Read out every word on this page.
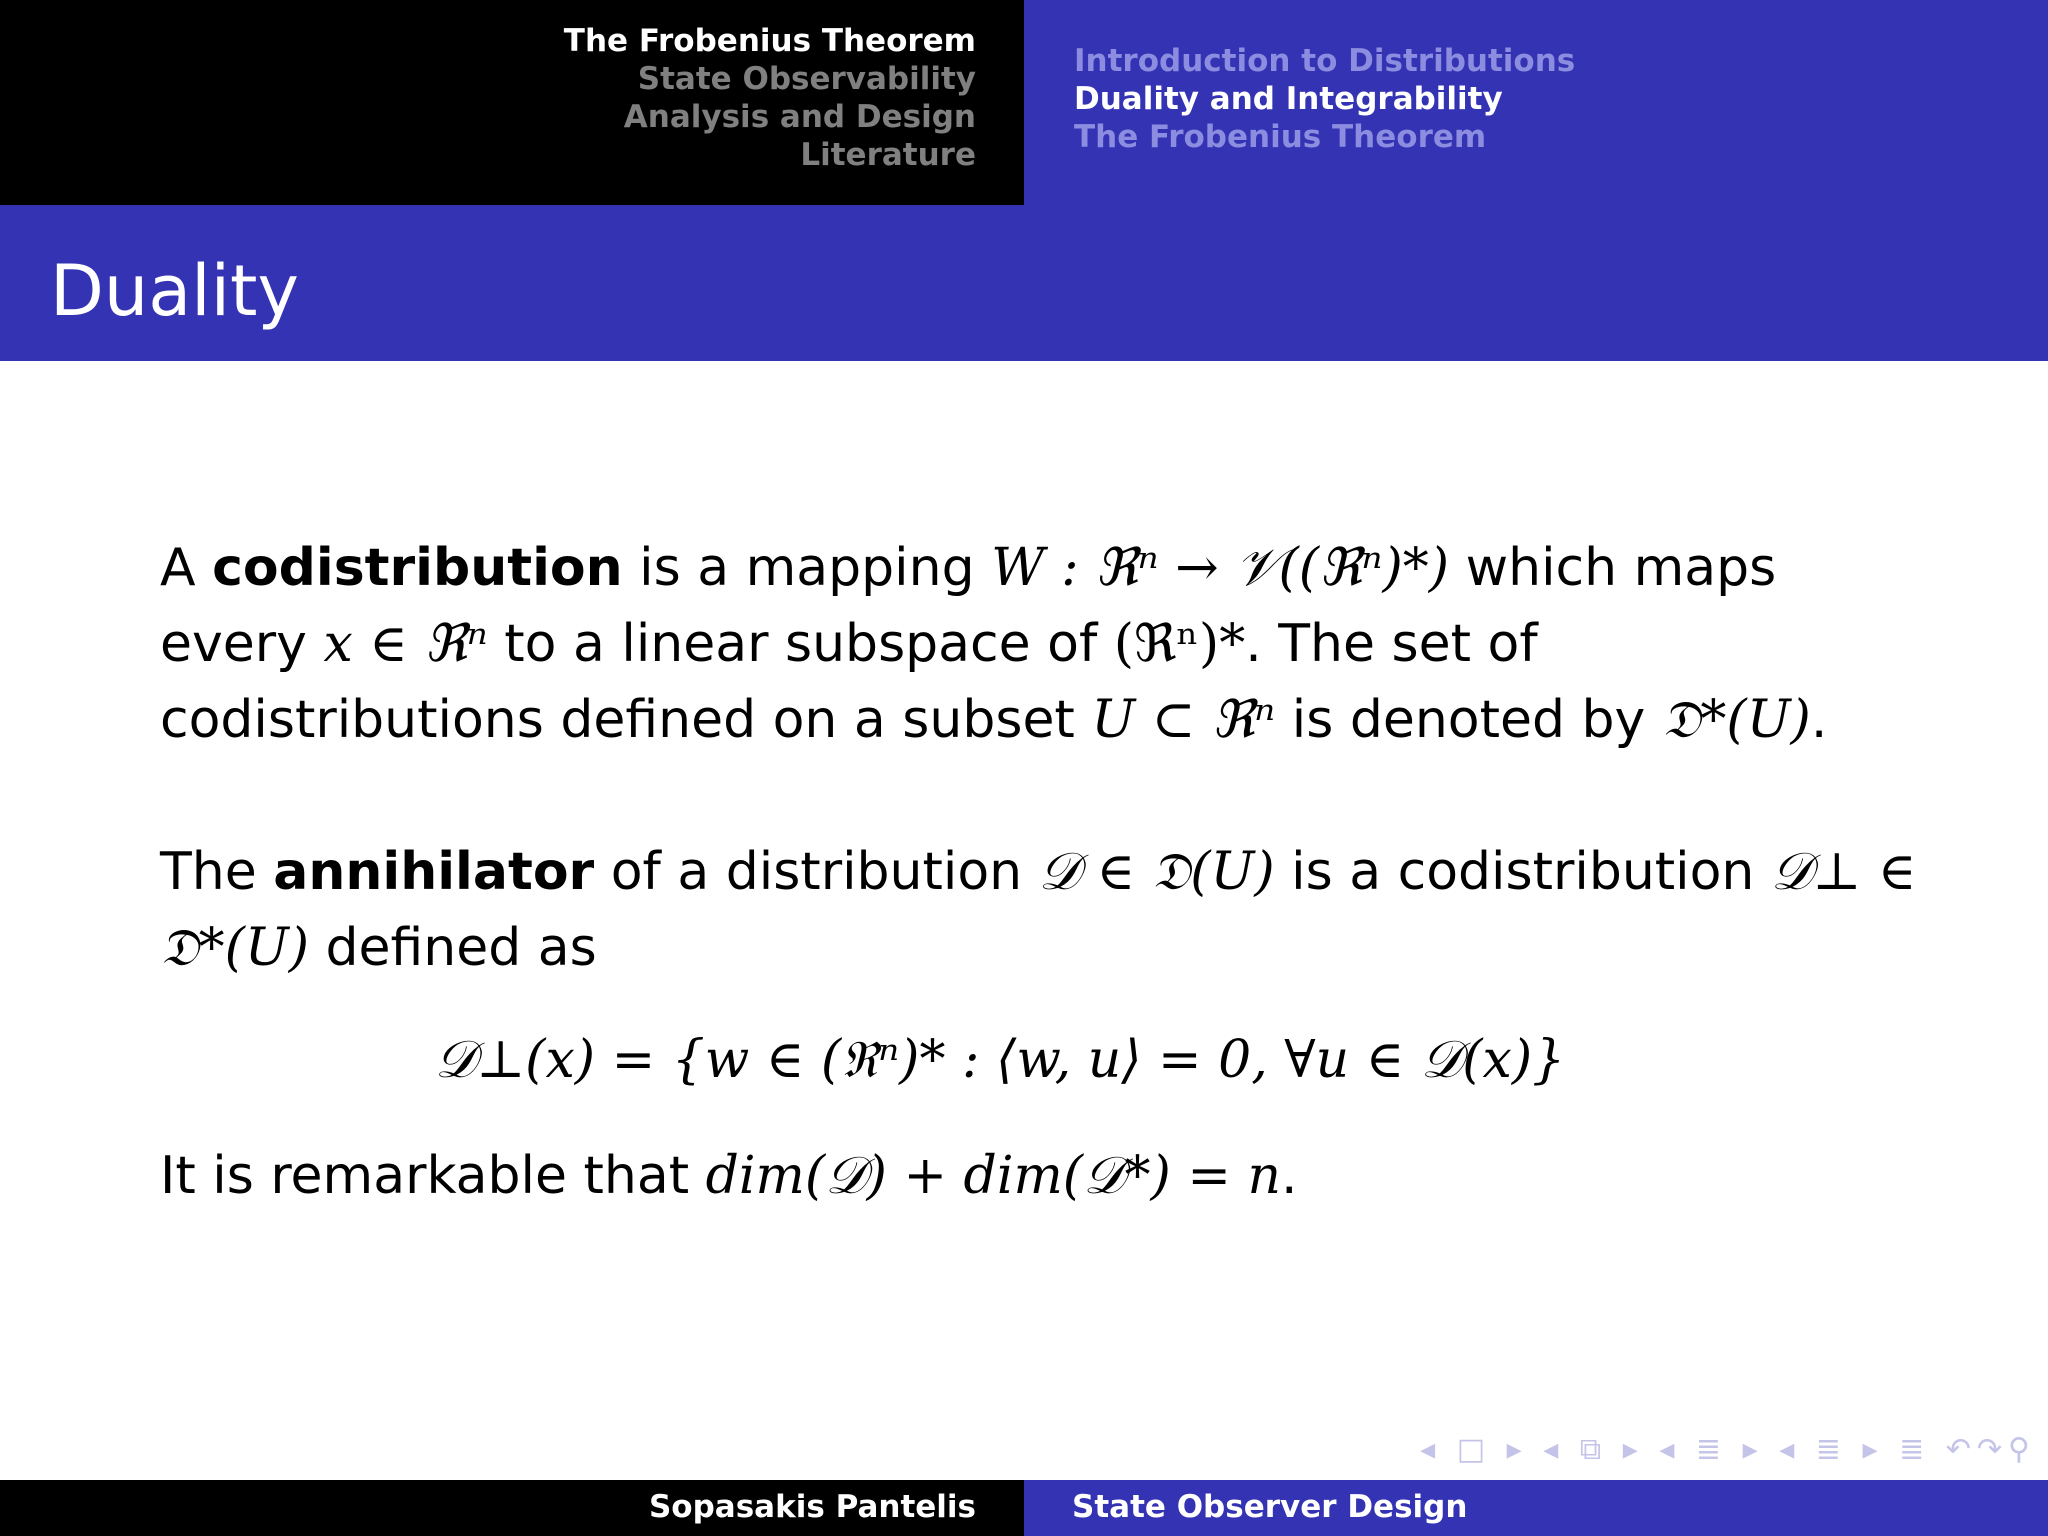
The Frobenius Theorem
State Observability
Analysis and Design
Literature
Introduction to Distributions
Duality and Integrability
The Frobenius Theorem
Duality

A codistribution is a mapping W : ℜⁿ → 𝒱((ℜⁿ)*) which maps every x ∈ ℜⁿ to a linear subspace of (ℜⁿ)*. The set of codistributions defined on a subset U ⊂ ℜⁿ is denoted by 𝔇*(U).

The annihilator of a distribution 𝒟 ∈ 𝔇(U) is a codistribution 𝒟⊥ ∈ 𝔇*(U) defined as

𝒟⊥(x) = {w ∈ (ℜⁿ)* : ⟨w, u⟩ = 0, ∀u ∈ 𝒟(x)}

It is remarkable that dim(𝒟) + dim(𝒟*) = n.

◂ □ ▸ ◂ ⧉ ▸ ◂ ≣ ▸ ◂ ≣ ▸ ≣ ↶↷⚲
Sopasakis Pantelis	State Observer Design
